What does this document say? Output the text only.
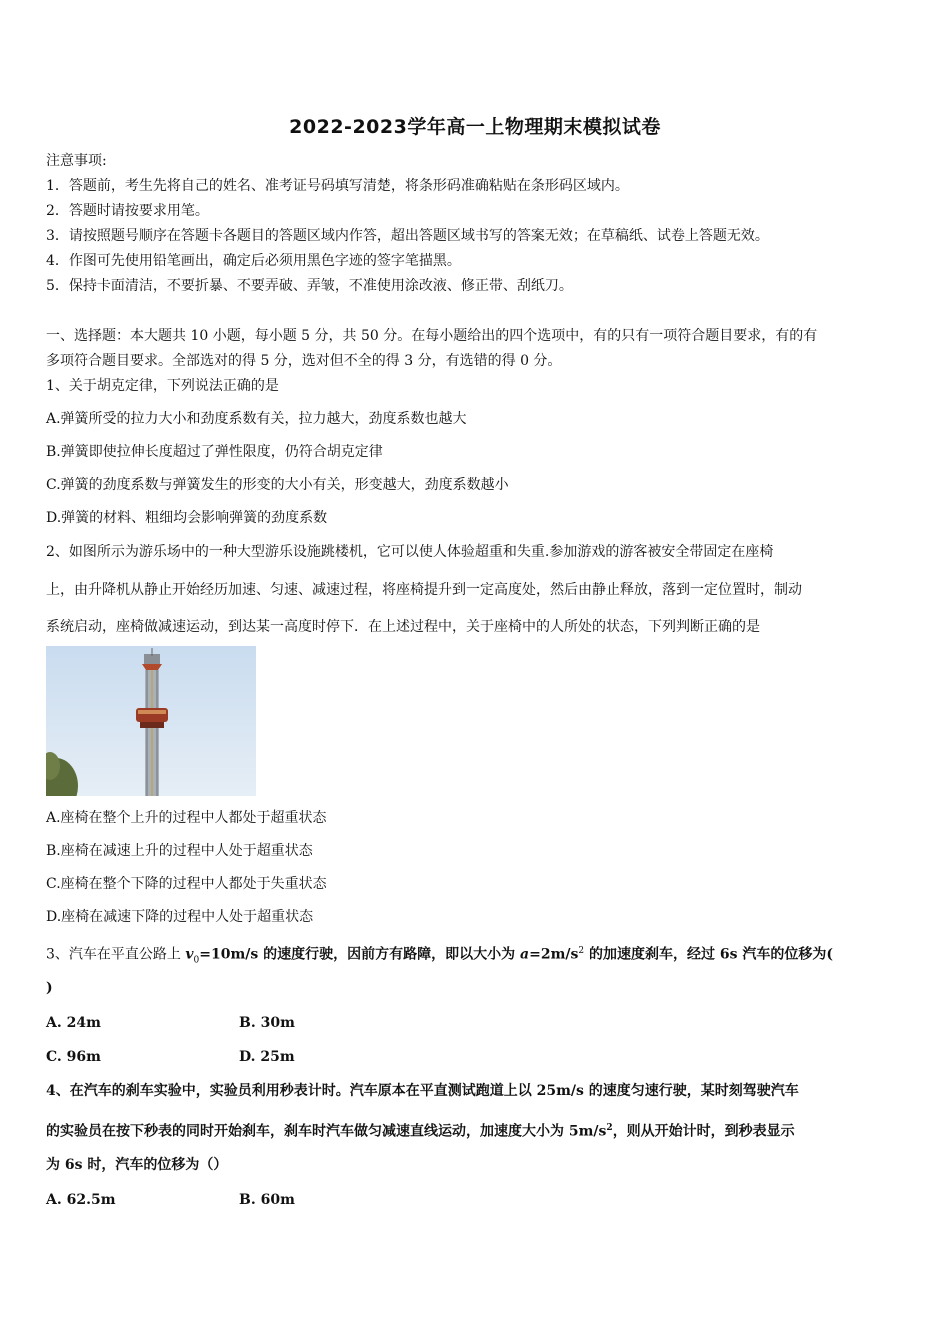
2022-2023学年高一上物理期末模拟试卷
注意事项:
1．答题前，考生先将自己的姓名、准考证号码填写清楚，将条形码准确粘贴在条形码区域内。
2．答题时请按要求用笔。
3．请按照题号顺序在答题卡各题目的答题区域内作答，超出答题区域书写的答案无效；在草稿纸、试卷上答题无效。
4．作图可先使用铅笔画出，确定后必须用黑色字迹的签字笔描黑。
5．保持卡面清洁，不要折暴、不要弄破、弄皱，不准使用涂改液、修正带、刮纸刀。
一、选择题：本大题共 10 小题，每小题 5 分，共 50 分。在每小题给出的四个选项中，有的只有一项符合题目要求，有的有
多项符合题目要求。全部选对的得 5 分，选对但不全的得 3 分，有选错的得 0 分。
1、关于胡克定律，下列说法正确的是
A.弹簧所受的拉力大小和劲度系数有关，拉力越大，劲度系数也越大
B.弹簧即使拉伸长度超过了弹性限度，仍符合胡克定律
C.弹簧的劲度系数与弹簧发生的形变的大小有关，形变越大，劲度系数越小
D.弹簧的材料、粗细均会影响弹簧的劲度系数
2、如图所示为游乐场中的一种大型游乐设施跳楼机，它可以使人体验超重和失重.参加游戏的游客被安全带固定在座椅
上，由升降机从静止开始经历加速、匀速、减速过程，将座椅提升到一定高度处，然后由静止释放，落到一定位置时，制动
系统启动，座椅做减速运动，到达某一高度时停下．在上述过程中，关于座椅中的人所处的状态，下列判断正确的是
A.座椅在整个上升的过程中人都处于超重状态
B.座椅在减速上升的过程中人处于超重状态
C.座椅在整个下降的过程中人都处于失重状态
D.座椅在减速下降的过程中人处于超重状态
3、汽车在平直公路上 $v_0=10m/s$ 的速度行驶，因前方有路障，即以大小为 $a=2m/s^2$ 的加速度刹车，经过 6s 汽车的位移为(
)
A. 24m	B. 30m
C. 96m	D. 25m
4、在汽车的刹车实验中，实验员利用秒表计时。汽车原本在平直测试跑道上以 25m/s 的速度匀速行驶，某时刻驾驶汽车
的实验员在按下秒表的同时开始刹车，刹车时汽车做匀减速直线运动，加速度大小为 $5m/s^2$，则从开始计时，到秒表显示
为 6s 时，汽车的位移为（）
A. 62.5m	B. 60m
